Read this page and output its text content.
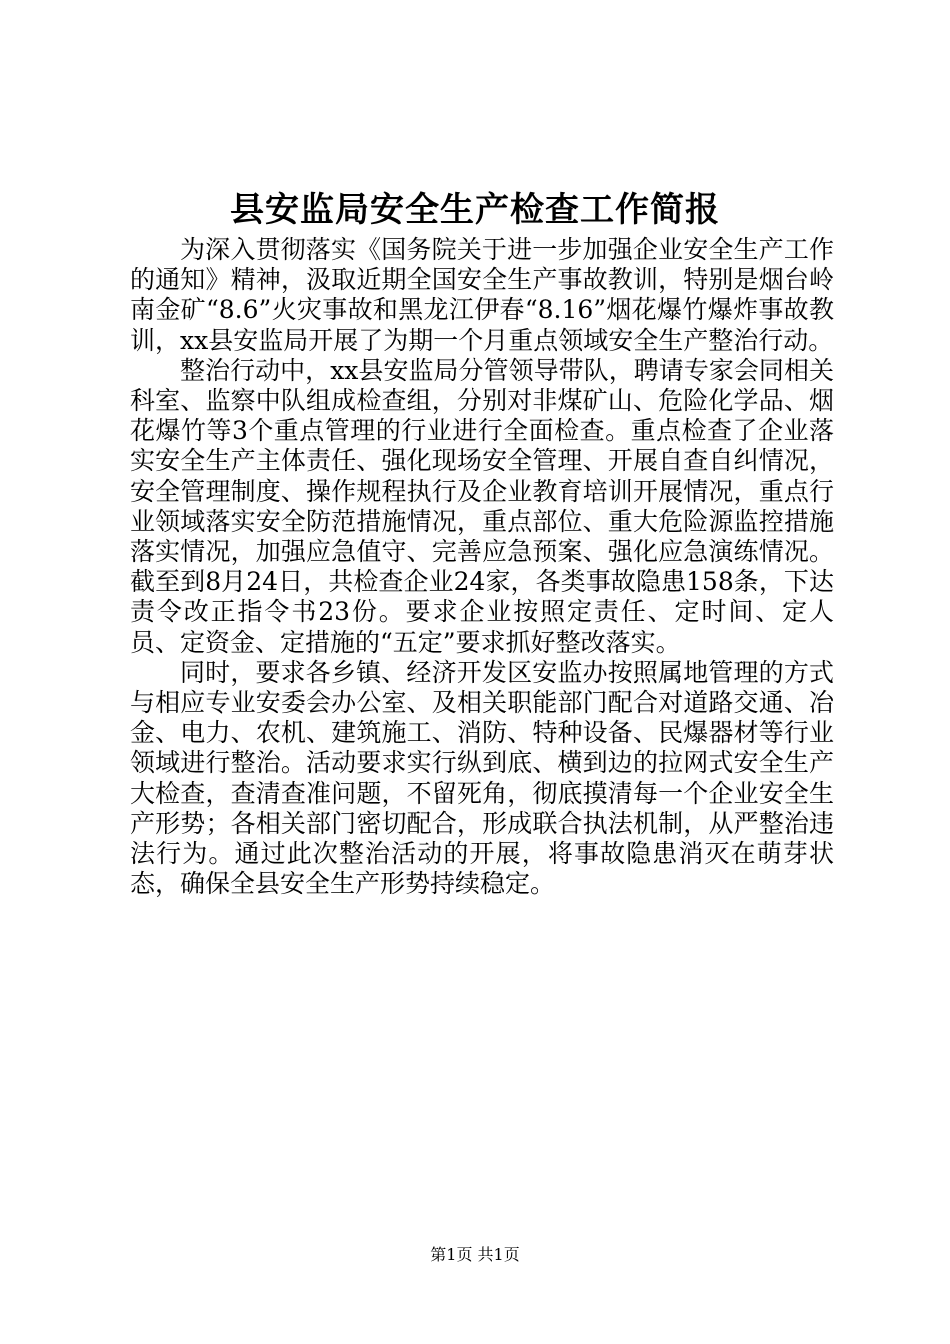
县安监局安全生产检查工作简报

为深入贯彻落实《国务院关于进一步加强企业安全生产工作的通知》精神，汲取近期全国安全生产事故教训，特别是烟台岭南金矿“8.6”火灾事故和黑龙江伊春“8.16”烟花爆竹爆炸事故教训，xx县安监局开展了为期一个月重点领域安全生产整治行动。

整治行动中，xx县安监局分管领导带队，聘请专家会同相关科室、监察中队组成检查组，分别对非煤矿山、危险化学品、烟花爆竹等3个重点管理的行业进行全面检查。重点检查了企业落实安全生产主体责任、强化现场安全管理、开展自查自纠情况，安全管理制度、操作规程执行及企业教育培训开展情况，重点行业领域落实安全防范措施情况，重点部位、重大危险源监控措施落实情况，加强应急值守、完善应急预案、强化应急演练情况。截至到8月24日，共检查企业24家，各类事故隐患158条，下达责令改正指令书23份。要求企业按照定责任、定时间、定人员、定资金、定措施的“五定”要求抓好整改落实。

同时，要求各乡镇、经济开发区安监办按照属地管理的方式与相应专业安委会办公室、及相关职能部门配合对道路交通、冶金、电力、农机、建筑施工、消防、特种设备、民爆器材等行业领域进行整治。活动要求实行纵到底、横到边的拉网式安全生产大检查，查清查准问题，不留死角，彻底摸清每一个企业安全生产形势；各相关部门密切配合，形成联合执法机制，从严整治违法行为。通过此次整治活动的开展，将事故隐患消灭在萌芽状态，确保全县安全生产形势持续稳定。

第1页 共1页
